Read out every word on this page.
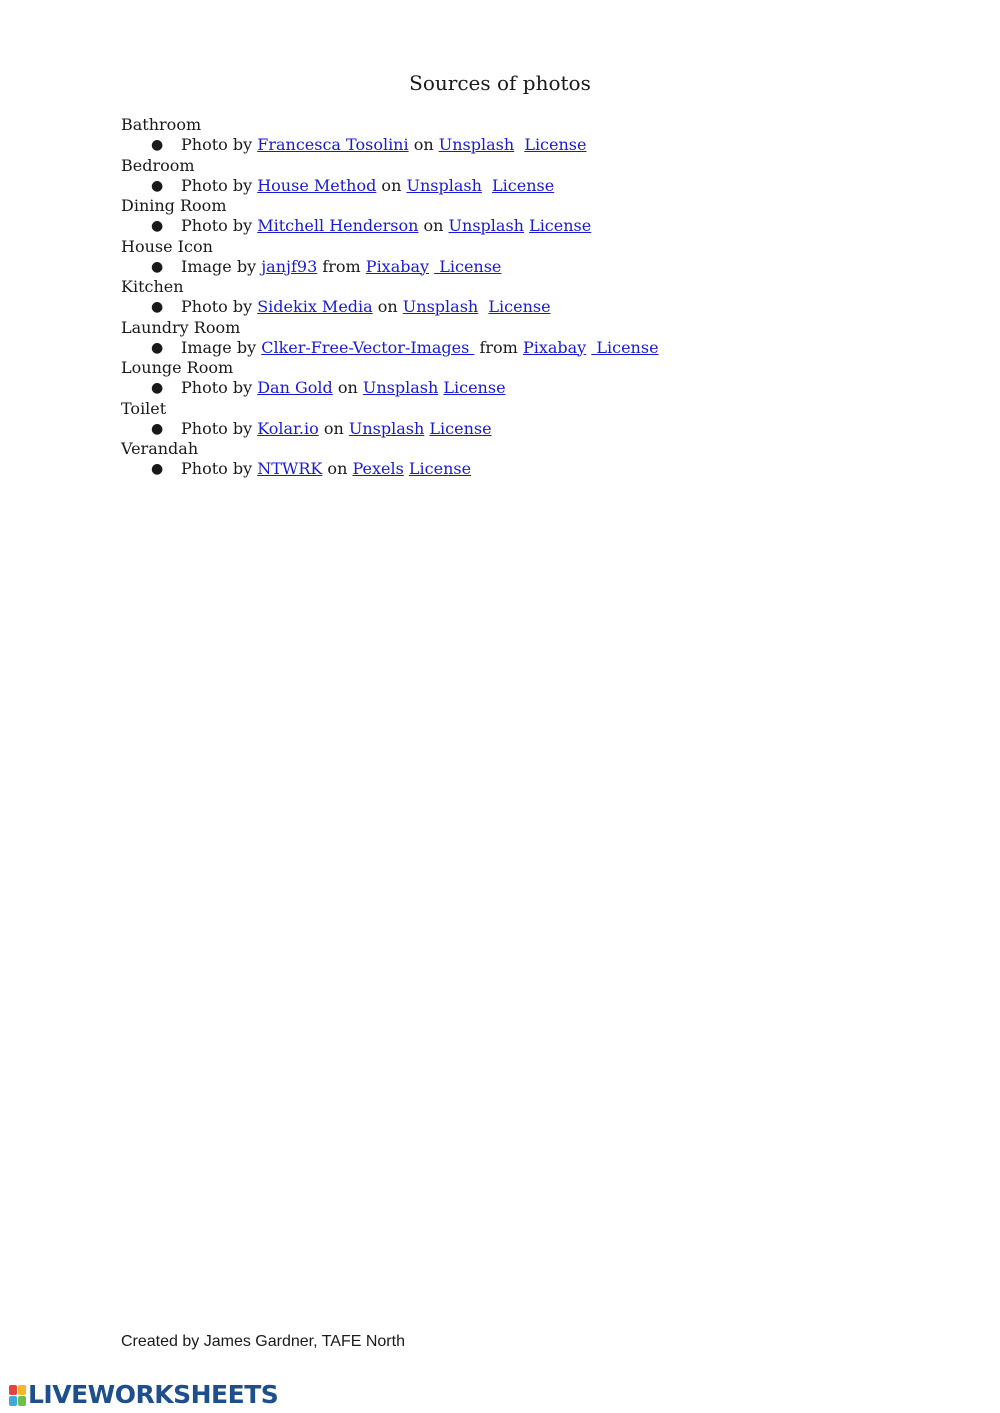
Sources of photos
Bathroom
● Photo by Francesca Tosolini on Unsplash License
Bedroom
● Photo by House Method on Unsplash License
Dining Room
● Photo by Mitchell Henderson on Unsplash License
House Icon
● Image by janjf93 from Pixabay  License
Kitchen
● Photo by Sidekix Media on Unsplash License
Laundry Room
● Image by Clker-Free-Vector-Images  from Pixabay  License
Lounge Room
● Photo by Dan Gold on Unsplash License
Toilet
● Photo by Kolar.io on Unsplash License
Verandah
● Photo by NTWRK on Pexels License
Created by James Gardner, TAFE North
LIVEWORKSHEETS
